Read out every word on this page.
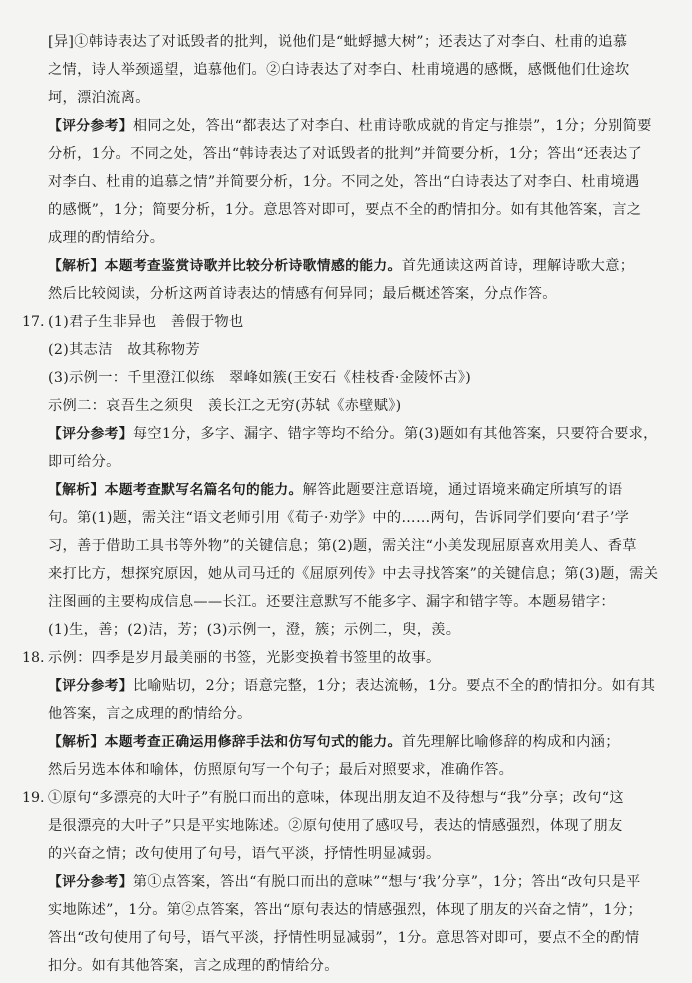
[异]①韩诗表达了对诋毁者的批判，说他们是“蚍蜉撼大树”；还表达了对李白、杜甫的追慕
之情，诗人举颈遥望，追慕他们。②白诗表达了对李白、杜甫境遇的感慨，感慨他们仕途坎
坷，漂泊流离。
【评分参考】相同之处，答出“都表达了对李白、杜甫诗歌成就的肯定与推崇”，1分；分别简要
分析，1分。不同之处，答出“韩诗表达了对诋毁者的批判”并简要分析，1分；答出“还表达了
对李白、杜甫的追慕之情”并简要分析，1分。不同之处，答出“白诗表达了对李白、杜甫境遇
的感慨”，1分；简要分析，1分。意思答对即可，要点不全的酌情扣分。如有其他答案，言之
成理的酌情给分。
【解析】本题考查鉴赏诗歌并比较分析诗歌情感的能力。首先通读这两首诗，理解诗歌大意；
然后比较阅读，分析这两首诗表达的情感有何异同；最后概述答案，分点作答。
17. (1)君子生非异也　善假于物也
(2)其志洁　故其称物芳
(3)示例一：千里澄江似练　翠峰如簇(王安石《桂枝香·金陵怀古》)
示例二：哀吾生之须臾　羡长江之无穷(苏轼《赤壁赋》)
【评分参考】每空1分，多字、漏字、错字等均不给分。第(3)题如有其他答案，只要符合要求，
即可给分。
【解析】本题考查默写名篇名句的能力。解答此题要注意语境，通过语境来确定所填写的语
句。第(1)题，需关注“语文老师引用《荀子·劝学》中的……两句，告诉同学们要向‘君子’学
习，善于借助工具书等外物”的关键信息；第(2)题，需关注“小美发现屈原喜欢用美人、香草
来打比方，想探究原因，她从司马迁的《屈原列传》中去寻找答案”的关键信息；第(3)题，需关
注图画的主要构成信息——长江。还要注意默写不能多字、漏字和错字等。本题易错字：
(1)生，善；(2)洁，芳；(3)示例一，澄，簇；示例二，臾，羡。
18. 示例：四季是岁月最美丽的书签，光影变换着书签里的故事。
【评分参考】比喻贴切，2分；语意完整，1分；表达流畅，1分。要点不全的酌情扣分。如有其
他答案，言之成理的酌情给分。
【解析】本题考查正确运用修辞手法和仿写句式的能力。首先理解比喻修辞的构成和内涵；
然后另选本体和喻体，仿照原句写一个句子；最后对照要求，准确作答。
19. ①原句“多漂亮的大叶子”有脱口而出的意味，体现出朋友迫不及待想与“我”分享；改句“这
是很漂亮的大叶子”只是平实地陈述。②原句使用了感叹号，表达的情感强烈，体现了朋友
的兴奋之情；改句使用了句号，语气平淡，抒情性明显减弱。
【评分参考】第①点答案，答出“有脱口而出的意味”“想与‘我’分享”，1分；答出“改句只是平
实地陈述”，1分。第②点答案，答出“原句表达的情感强烈，体现了朋友的兴奋之情”，1分；
答出“改句使用了句号，语气平淡，抒情性明显减弱”，1分。意思答对即可，要点不全的酌情
扣分。如有其他答案，言之成理的酌情给分。
